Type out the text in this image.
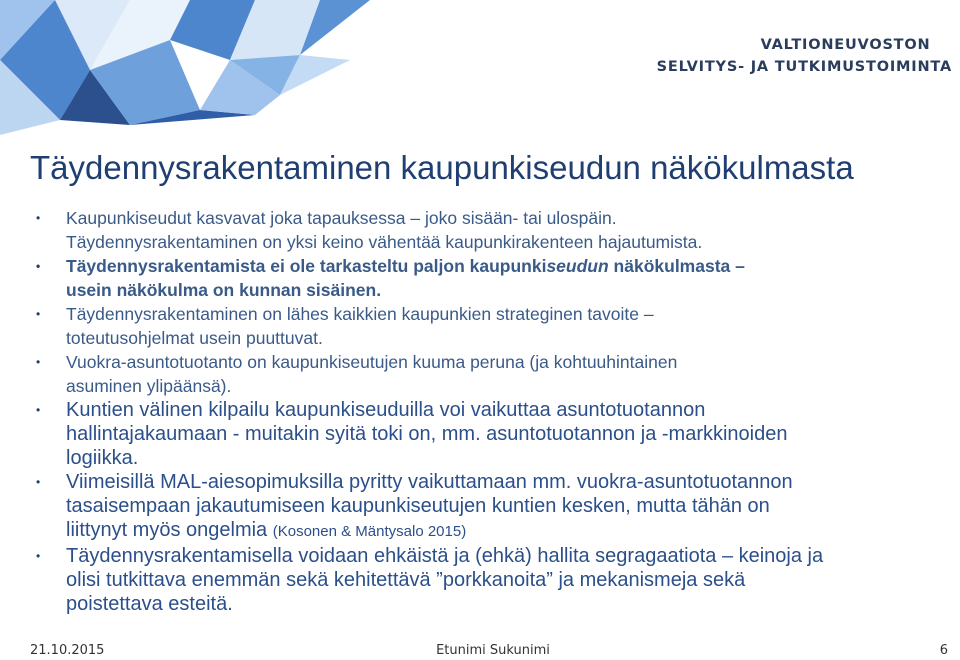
VALTIONEUVOSTON
SELVITYS- JA TUTKIMUSTOIMINTA
Täydennysrakentaminen kaupunkiseudun näkökulmasta
• Kaupunkiseudut kasvavat joka tapauksessa – joko sisään- tai ulospäin.
Täydennysrakentaminen on yksi keino vähentää kaupunkirakenteen hajautumista.
• Täydennysrakentamista ei ole tarkasteltu paljon kaupunkiseudun näkökulmasta –
usein näkökulma on kunnan sisäinen.
• Täydennysrakentaminen on lähes kaikkien kaupunkien strateginen tavoite –
toteutusohjelmat usein puuttuvat.
• Vuokra-asuntotuotanto on kaupunkiseutujen kuuma peruna (ja kohtuuhintainen
asuminen ylipäänsä).
• Kuntien välinen kilpailu kaupunkiseuduilla voi vaikuttaa asuntotuotannon
hallintajakaumaan - muitakin syitä toki on, mm. asuntotuotannon ja -markkinoiden
logiikka.
• Viimeisillä MAL-aiesopimuksilla pyritty vaikuttamaan mm. vuokra-asuntotuotannon
tasaisempaan jakautumiseen kaupunkiseutujen kuntien kesken, mutta tähän on
liittynyt myös ongelmia (Kosonen & Mäntysalo 2015)
• Täydennysrakentamisella voidaan ehkäistä ja (ehkä) hallita segragaatiota – keinoja ja
olisi tutkittava enemmän sekä kehitettävä ”porkkanoita” ja mekanismeja sekä
poistettava esteitä.
21.10.2015	Etunimi Sukunimi	6
